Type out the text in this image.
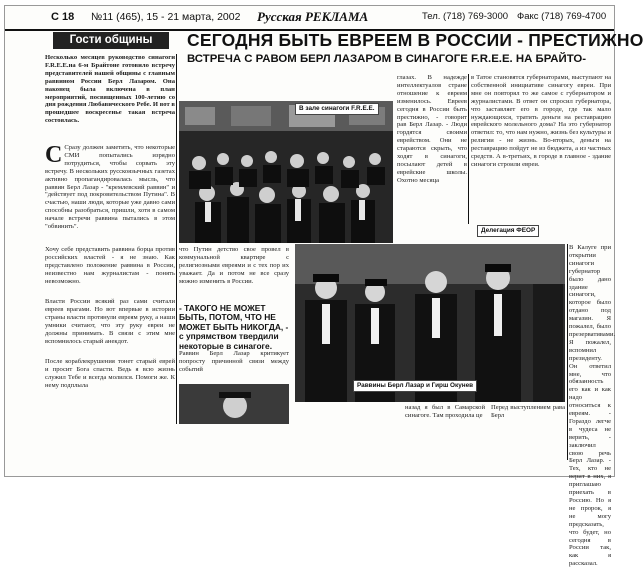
C 18 №11 (465), 15 - 21 марта, 2002 Русская РЕКЛАМА	Тел. (718) 769-3000 Факс (718) 769-4700
Гости общины	СЕГОДНЯ БЫТЬ ЕВРЕЕМ В РОССИИ - ПРЕСТИЖНО
ВСТРЕЧА С РАВОМ БЕРЛ ЛАЗАРОМ В СИНАГОГЕ F.R.E.E. НА БРАЙТО-
Несколько месяцев руководство синагоги F.R.E.E.на 6-м Брайтоне готовило встречу представителей нашей общины с главным раввином России Берл Лазаром. Она наконец была включена в план мероприятий, посвященных 100-летию со дня рождения Любавического Ребе. И вот в прошедшее воскресенье такая встреча состоялась.
С Сразу должен заметить, что некоторые СМИ попытались изрядно потрудиться, чтобы сорвать эту встречу. В нескольких русскоязычных газетах активно пропагандировалась мысль, что раввин Берл Лазар - "кремлевский раввин" и "действует под покровительством Путина". В счастью, наши люди, которые уже давно сами способны разобраться, пришли, хотя в самом начале встречи раввина пытались в этом "обвинить".
Хочу себе представить раввина борца против российских властей - я не знаю. Как представлено положение раввина в России, неизвестно нам журналистам - понять невозможно.
Власти России всякий раз сами считали евреев врагами. Но вот впервые в истории страны власти протянули евреям руку, а наши умники считают, что эту руку евреи не должны принимать. В связи с этим мне вспомнилось старый анекдот.
После кораблекрушения тонет старый еврей и просит Бога спасти. Ведь я всю жизнь служил Тебе и всегда молился. Помоги же. К нему подплыла
В зале синагоги F.R.E.E.
глазах. В надежде интеллектуалов стране отношение к евреям изменилось. Евреев сегодня в России быть престижно, - говорит рав Берл Лазар. - Люди гордятся своими еврейством. Они не стараются скрыть, что ходят в синагоги, посылают детей в еврейские школы. Охотно месяца
в Татое становятся губернаторами, выступают на собственной инициативе синагогу евреи. При мне он повторял то же самое с губернатором и журналистами. В ответ он спросил губернатора, что заставляет его в городе, где так мало нуждающихся, тратить деньги на реставрацию еврейского молельного дома? На это губернатор ответил: то, что нам нужно, жизнь без культуры и религии - не жизнь. Во-вторых, деньги на реставрацию пойдут не из бюджета, а из частных средств. А в-третьих, в городе в главное - здание синагоги строили евреи.
Делегация ФЕОР
что Путин детство свое провел в коммунальной квартире с религиозными евреями и с тех пор их уважает. Да и потом не все сразу можно изменить в России.
- ТАКОГО НЕ МОЖЕТ БЫТЬ, ПОТОМ, ЧТО НЕ МОЖЕТ БЫТЬ НИКОГДА, - с упрямством твердили некоторые в синагоге.
Раввин Берл Лазар критикует попросту причинной связи между событий
Раввины Берл Лазар и Гирш Окунев
В Калуге при открытии синагоги губернатор было дано здание синагоги, которое было отдано под магазин. Я пожалел, было презервативами. Я пожалел, вспомнил президенту. Он ответил мне, что обязанность его как и как надо относиться к евреям. - Гораздо легче в чудеса не верить, - заключил свою речь Берл Лазар. - Тех, кто не верит в них, я приглашаю приехать в Россию. Но я не пророк, я не могу предсказать, что будет, но сегодня в России так, как я рассказал.
назад я был в Самарской синагоге. Там проходила це
Перед выступлением рава Берл
